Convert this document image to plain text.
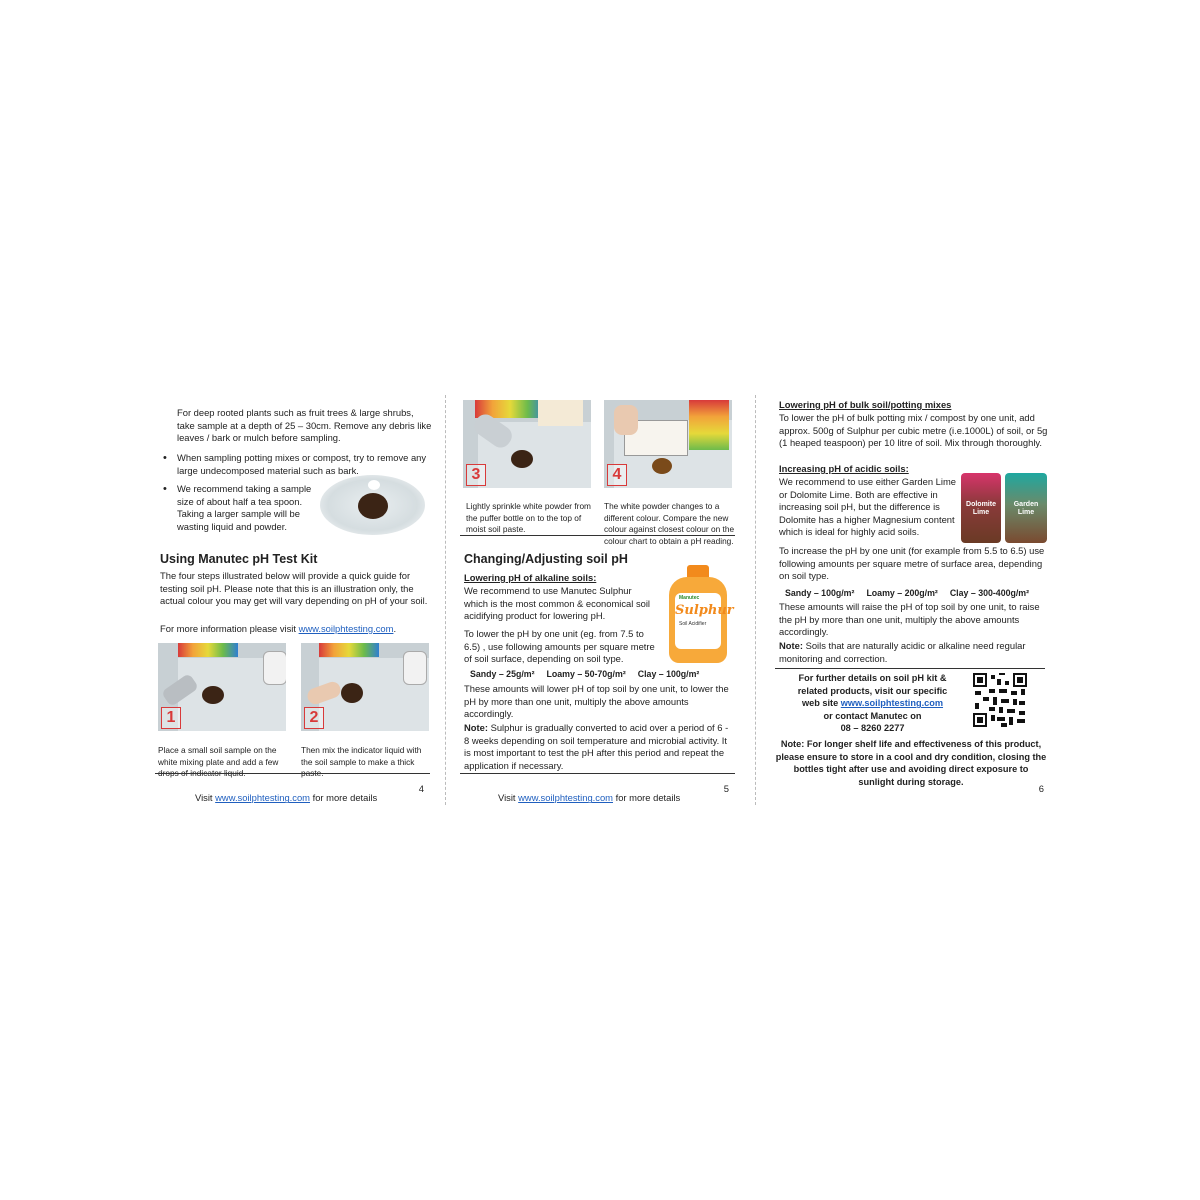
For deep rooted plants such as fruit trees & large shrubs, take sample at a depth of 25 – 30cm. Remove any debris like leaves / bark or mulch before sampling.

• When sampling potting mixes or compost, try to remove any large undecomposed material such as bark.

• We recommend taking a sample size of about half a tea spoon. Taking a larger sample will be wasting liquid and powder.

Using Manutec pH Test Kit

The four steps illustrated below will provide a quick guide for testing soil pH. Please note that this is an illustration only, the actual colour you may get will vary depending on pH of your soil.

For more information please visit www.soilphtesting.com.

1

Place a small soil sample on the white mixing plate and add a few drops of indicator liquid.

2

Then mix the indicator liquid with the soil sample to make a thick paste.

Visit www.soilphtesting.com for more details

4
3

Lightly sprinkle white powder from the puffer bottle on to the top of moist soil paste.

4

The white powder changes to a different colour. Compare the new colour against closest colour on the colour chart to obtain a pH reading.

Changing/Adjusting soil pH

Lowering pH of alkaline soils:

We recommend to use Manutec Sulphur which is the most common & economical soil acidifying product for lowering pH.

To lower the pH by one unit (eg. from 7.5 to 6.5) , use following amounts per square metre of soil surface, depending on soil type.

Manutec
Sulphur
Soil Acidifier
Sandy – 25g/m² Loamy – 50-70g/m² Clay – 100g/m²

These amounts will lower pH of top soil by one unit, to lower the pH by more than one unit, multiply the above amounts accordingly.

Note: Sulphur is gradually converted to acid over a period of 6 - 8 weeks depending on soil temperature and microbial activity. It is most important to test the pH after this period and repeat the application if necessary.

Visit www.soilphtesting.com for more details

5

Lowering pH of bulk soil/potting mixes

To lower the pH of bulk potting mix / compost by one unit, add approx. 500g of Sulphur per cubic metre (i.e.1000L) of soil, or 5g (1 heaped teaspoon) per 10 litre of soil. Mix through thoroughly.

Increasing pH of acidic soils:

We recommend to use either Garden Lime or Dolomite Lime. Both are effective in increasing soil pH, but the difference is Dolomite has a higher Magnesium content which is ideal for highly acid soils.

Dolomite Lime
Garden Lime

To increase the pH by one unit (for example from 5.5 to 6.5) use following amounts per square metre of surface area, depending on soil type.

Sandy – 100g/m² Loamy – 200g/m² Clay – 300-400g/m²

These amounts will raise the pH of top soil by one unit, to raise the pH by more than one unit, multiply the above amounts accordingly.

Note: Soils that are naturally acidic or alkaline need regular monitoring and correction.

For further details on soil pH kit &
related products, visit our specific
web site www.soilphtesting.com
or contact Manutec on
08 – 8260 2277

Note: For longer shelf life and effectiveness of this product, please ensure to store in a cool and dry condition, closing the bottles tight after use and avoiding direct exposure to sunlight during storage.

6
